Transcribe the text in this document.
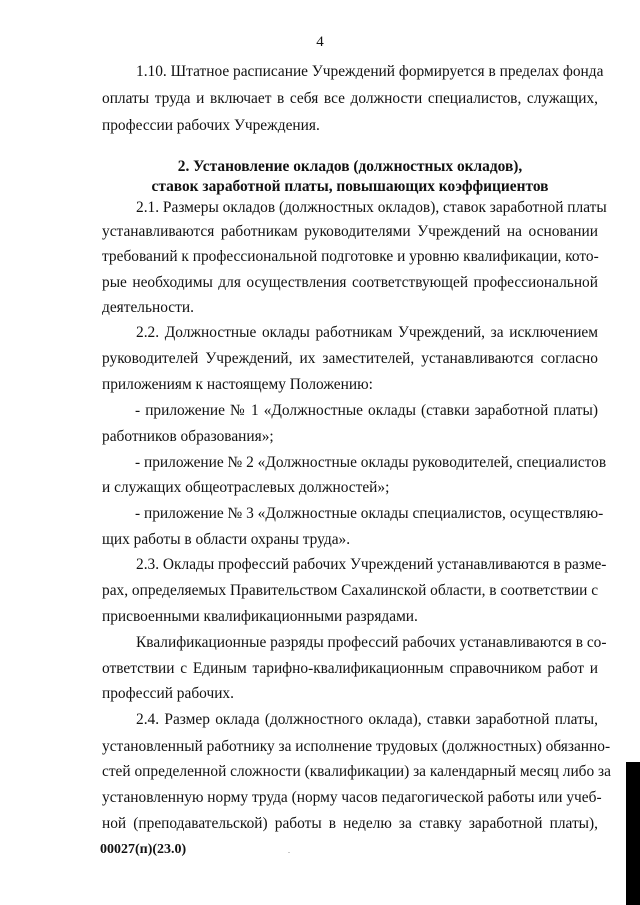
4
1.10. Штатное расписание Учреждений формируется в пределах фонда
оплаты труда и включает в себя все должности специалистов, служащих,
профессии рабочих Учреждения.
2. Установление окладов (должностных окладов),
ставок заработной платы, повышающих коэффициентов
2.1. Размеры окладов (должностных окладов), ставок заработной платы
устанавливаются работникам руководителями Учреждений на основании
требований к профессиональной подготовке и уровню квалификации, кото-
рые необходимы для осуществления соответствующей профессиональной
деятельности.
2.2. Должностные оклады работникам Учреждений, за исключением
руководителей Учреждений, их заместителей, устанавливаются согласно
приложениям к настоящему Положению:
- приложение № 1 «Должностные оклады (ставки заработной платы)
работников образования»;
- приложение № 2 «Должностные оклады руководителей, специалистов
и служащих общеотраслевых должностей»;
- приложение № 3 «Должностные оклады специалистов, осуществляю-
щих работы в области охраны труда».
2.3. Оклады профессий рабочих Учреждений устанавливаются в разме-
рах, определяемых Правительством Сахалинской области, в соответствии с
присвоенными квалификационными разрядами.
Квалификационные разряды профессий рабочих устанавливаются в со-
ответствии с Единым тарифно-квалификационным справочником работ и
профессий рабочих.
2.4. Размер оклада (должностного оклада), ставки заработной платы,
установленный работнику за исполнение трудовых (должностных) обязанно-
стей определенной сложности (квалификации) за календарный месяц либо за
установленную норму труда (норму часов педагогической работы или учеб-
ной (преподавательской) работы в неделю за ставку заработной платы),
00027(п)(23.0)
